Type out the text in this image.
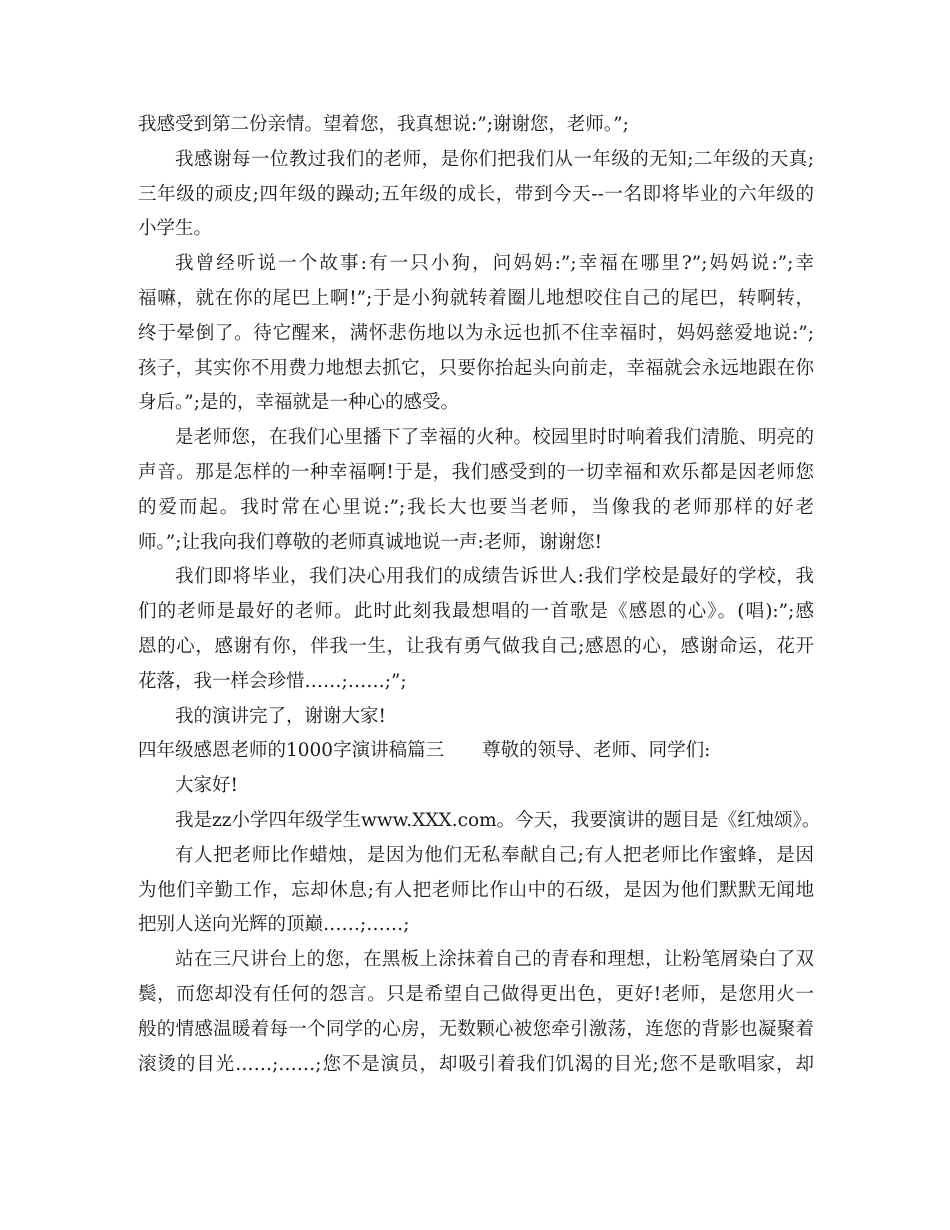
我感受到第二份亲情。望着您，我真想说:”;谢谢您，老师。”;
我感谢每一位教过我们的老师，是你们把我们从一年级的无知;二年级的天真;
三年级的顽皮;四年级的躁动;五年级的成长，带到今天--一名即将毕业的六年级的
小学生。
我曾经听说一个故事:有一只小狗，问妈妈:”;幸福在哪里?”;妈妈说:”;幸
福嘛，就在你的尾巴上啊!”;于是小狗就转着圈儿地想咬住自己的尾巴，转啊转，
终于晕倒了。待它醒来，满怀悲伤地以为永远也抓不住幸福时，妈妈慈爱地说:”;
孩子，其实你不用费力地想去抓它，只要你抬起头向前走，幸福就会永远地跟在你
身后。”;是的，幸福就是一种心的感受。
是老师您，在我们心里播下了幸福的火种。校园里时时响着我们清脆、明亮的
声音。那是怎样的一种幸福啊!于是，我们感受到的一切幸福和欢乐都是因老师您
的爱而起。我时常在心里说:”;我长大也要当老师，当像我的老师那样的好老
师。”;让我向我们尊敬的老师真诚地说一声:老师，谢谢您!
我们即将毕业，我们决心用我们的成绩告诉世人:我们学校是最好的学校，我
们的老师是最好的老师。此时此刻我最想唱的一首歌是《感恩的心》。(唱):”;感
恩的心，感谢有你，伴我一生，让我有勇气做我自己;感恩的心，感谢命运，花开
花落，我一样会珍惜……;……;”;
我的演讲完了，谢谢大家!
四年级感恩老师的1000字演讲稿篇三 尊敬的领导、老师、同学们:
大家好!
我是zz小学四年级学生www.XXX.com。今天，我要演讲的题目是《红烛颂》。
有人把老师比作蜡烛，是因为他们无私奉献自己;有人把老师比作蜜蜂，是因
为他们辛勤工作，忘却休息;有人把老师比作山中的石级，是因为他们默默无闻地
把别人送向光辉的顶巅……;……;
站在三尺讲台上的您，在黑板上涂抹着自己的青春和理想，让粉笔屑染白了双
鬓，而您却没有任何的怨言。只是希望自己做得更出色，更好!老师，是您用火一
般的情感温暖着每一个同学的心房，无数颗心被您牵引激荡，连您的背影也凝聚着
滚烫的目光……;……;您不是演员，却吸引着我们饥渴的目光;您不是歌唱家，却
